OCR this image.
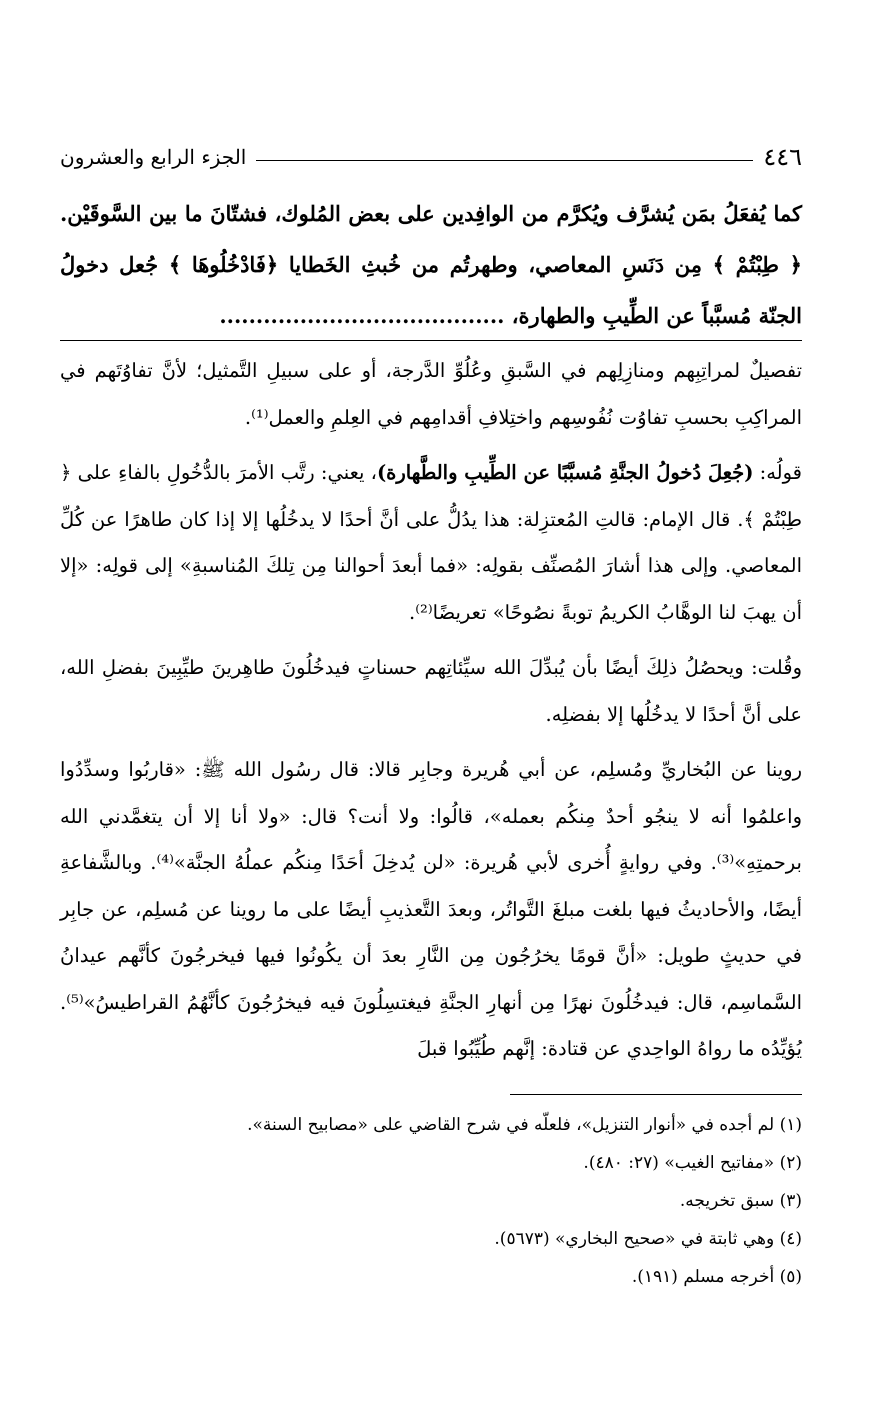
٤٤٦
الجزء الرابع والعشرون

كما يُفعَلُ بمَن يُشرَّف ويُكرَّم من الوافِدين على بعض المُلوك، فشتّانَ ما بين السَّوقَيْن. ﴿ طِبْتُمْ ﴾ مِن دَنَسِ المعاصي، وطهرتُم من خُبثِ الخَطايا ﴿فَادْخُلُوهَا ﴾ جُعل دخولُ الجنّة مُسبَّباً عن الطِّيبِ والطهارة، .......................................

تفصيلٌ لمراتِبِهم ومنازِلِهم في السَّبقِ وعُلُوِّ الدَّرجة، أو على سبيلِ التَّمثيل؛ لأنَّ تفاوُتَهم في المراكِبِ بحسبِ تفاوُت نُفُوسِهم واختِلافِ أقدامِهم في العِلمِ والعمل⁽¹⁾.

قولُه: (جُعِلَ دُخولُ الجنَّةِ مُسبَّبًا عن الطِّيبِ والطَّهارة)، يعني: رتَّب الأمرَ بالدُّخُولِ بالفاءِ على ﴿ طِبْتُمْ ﴾. قال الإمام: قالتِ المُعتزِلة: هذا يدُلُّ على أنَّ أحدًا لا يدخُلُها إلا إذا كان طاهرًا عن كُلِّ المعاصي. وإلى هذا أشارَ المُصنِّف بقولِه: «فما أبعدَ أحوالنا مِن تِلكَ المُناسبةِ» إلى قولِه: «إلا أن يهبَ لنا الوهَّابُ الكريمُ توبةً نصُوحًا» تعريضًا⁽²⁾.

وقُلت: ويحصُلُ ذلِكَ أيضًا بأن يُبدِّلَ الله سيِّئاتِهم حسناتٍ فيدخُلُونَ طاهِرينَ طيِّبِينَ بفضلِ الله، على أنَّ أحدًا لا يدخُلُها إلا بفضلِه.

روينا عن البُخاريِّ ومُسلِم، عن أبي هُريرة وجابِر قالا: قال رسُول الله ﷺ: «قاربُوا وسدِّدُوا واعلمُوا أنه لا ينجُو أحدٌ مِنكُم بعمله»، قالُوا: ولا أنت؟ قال: «ولا أنا إلا أن يتغمَّدني الله برحمتِهِ»⁽³⁾. وفي روايةٍ أُخرى لأبي هُريرة: «لن يُدخِلَ أحَدًا مِنكُم عملُهُ الجنَّة»⁽⁴⁾. وبالشَّفاعةِ أيضًا، والأحاديثُ فيها بلغت مبلغَ التَّواتُر، وبعدَ التَّعذيبِ أيضًا على ما روينا عن مُسلِم، عن جابِر في حديثٍ طويل: «أنَّ قومًا يخرُجُون مِن النَّارِ بعدَ أن يكُونُوا فيها فيخرجُونَ كأنَّهم عيدانُ السَّماسِم، قال: فيدخُلُونَ نهرًا مِن أنهارِ الجنَّةِ فيغتسِلُونَ فيه فيخرُجُونَ كأنَّهُمُ القراطيسُ»⁽⁵⁾. يُؤيِّدُه ما رواهُ الواحِدي عن قتادة: إنَّهم طُيِّبُوا قبلَ

(١) لم أجده في «أنوار التنزيل»، فلعلّه في شرح القاضي على «مصابيح السنة».
(٢) «مفاتيح الغيب» (٢٧: ٤٨٠).
(٣) سبق تخريجه.
(٤) وهي ثابتة في «صحيح البخاري» (٥٦٧٣).
(٥) أخرجه مسلم (١٩١).
